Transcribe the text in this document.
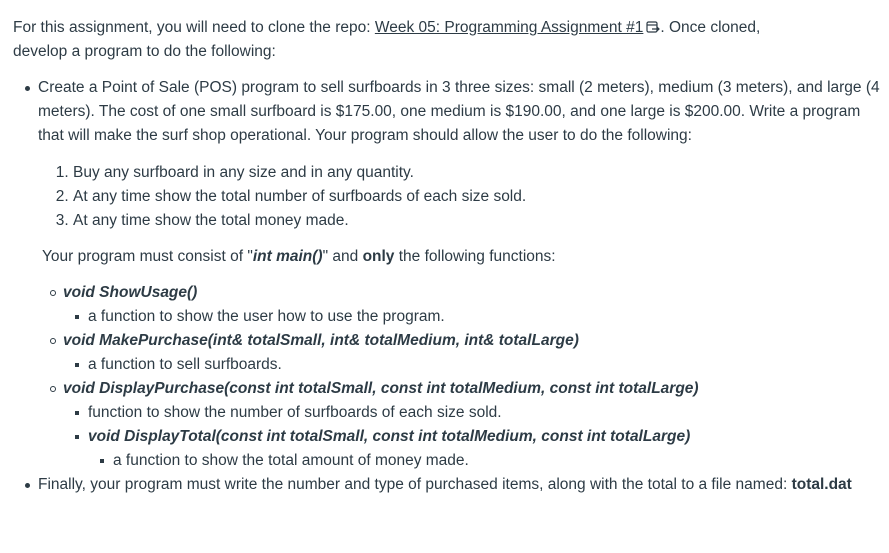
For this assignment, you will need to clone the repo: Week 05: Programming Assignment #1 . Once cloned, develop a program to do the following:

Create a Point of Sale (POS) program to sell surfboards in 3 three sizes: small (2 meters), medium (3 meters), and large (4 meters). The cost of one small surfboard is $175.00, one medium is $190.00, and one large is $200.00. Write a program that will make the surf shop operational. Your program should allow the user to do the following:
1. Buy any surfboard in any size and in any quantity.
2. At any time show the total number of surfboards of each size sold.
3. At any time show the total money made.

Your program must consist of "int main()" and only the following functions:

void ShowUsage()
a function to show the user how to use the program.
void MakePurchase(int& totalSmall, int& totalMedium, int& totalLarge)
a function to sell surfboards.
void DisplayPurchase(const int totalSmall, const int totalMedium, const int totalLarge)
function to show the number of surfboards of each size sold.
void DisplayTotal(const int totalSmall, const int totalMedium, const int totalLarge)
a function to show the total amount of money made.
Finally, your program must write the number and type of purchased items, along with the total to a file named: total.dat
